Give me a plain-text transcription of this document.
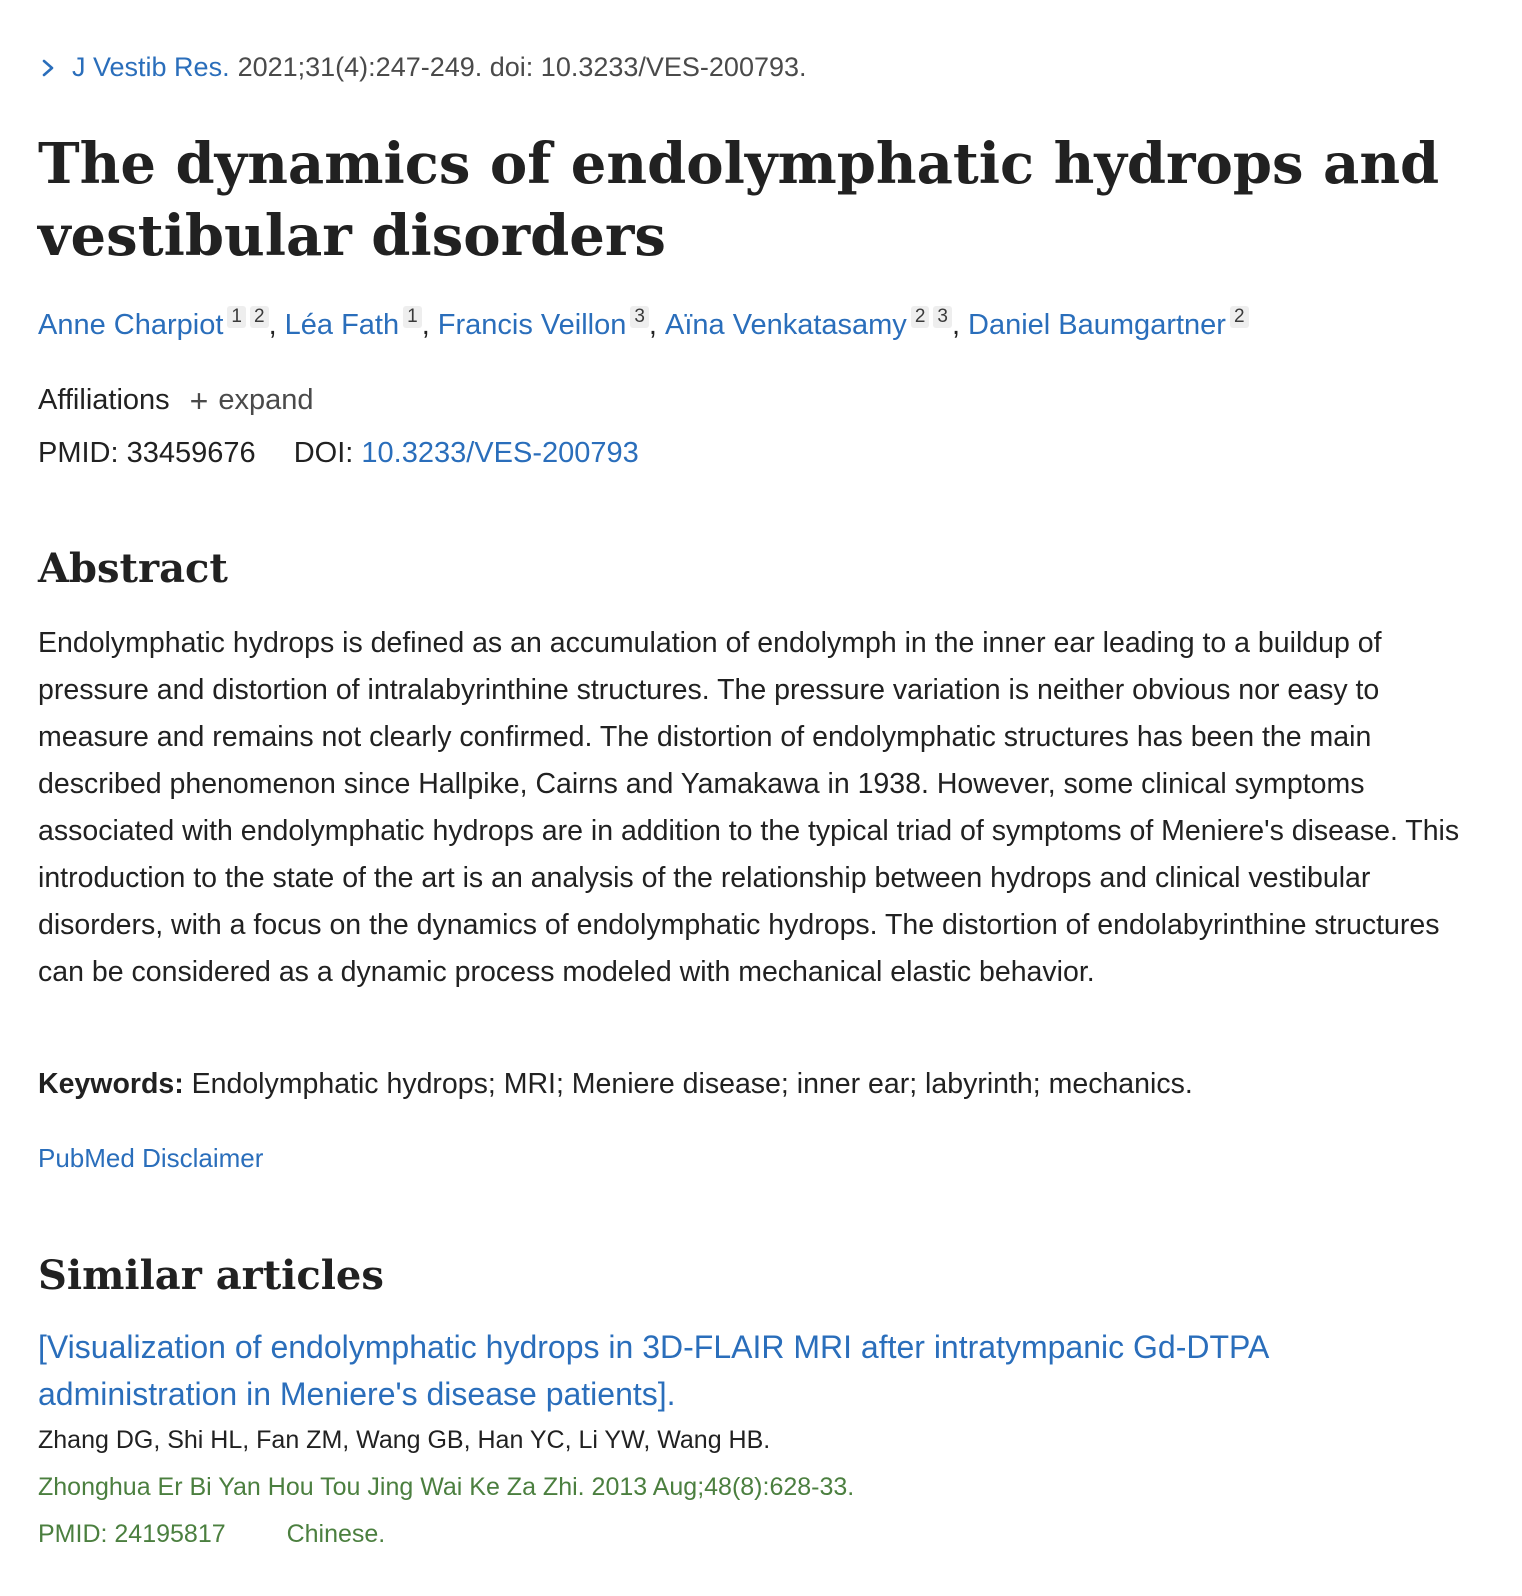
J Vestib Res. 2021;31(4):247-249. doi: 10.3233/VES-200793.
The dynamics of endolymphatic hydrops and vestibular disorders
Anne Charpiot 1 2 , Léa Fath 1 , Francis Veillon 3 , Aïna Venkatasamy 2 3 , Daniel Baumgartner 2
Affiliations + expand
PMID: 33459676 DOI: 10.3233/VES-200793
Abstract

Endolymphatic hydrops is defined as an accumulation of endolymph in the inner ear leading to a buildup of pressure and distortion of intralabyrinthine structures. The pressure variation is neither obvious nor easy to measure and remains not clearly confirmed. The distortion of endolymphatic structures has been the main described phenomenon since Hallpike, Cairns and Yamakawa in 1938. However, some clinical symptoms associated with endolymphatic hydrops are in addition to the typical triad of symptoms of Meniere's disease. This introduction to the state of the art is an analysis of the relationship between hydrops and clinical vestibular disorders, with a focus on the dynamics of endolymphatic hydrops. The distortion of endolabyrinthine structures can be considered as a dynamic process modeled with mechanical elastic behavior.

Keywords: Endolymphatic hydrops; MRI; Meniere disease; inner ear; labyrinth; mechanics.
PubMed Disclaimer
Similar articles
[Visualization of endolymphatic hydrops in 3D-FLAIR MRI after intratympanic Gd-DTPA administration in Meniere's disease patients].
Zhang DG, Shi HL, Fan ZM, Wang GB, Han YC, Li YW, Wang HB.
Zhonghua Er Bi Yan Hou Tou Jing Wai Ke Za Zhi. 2013 Aug;48(8):628-33.
PMID: 24195817 Chinese.
